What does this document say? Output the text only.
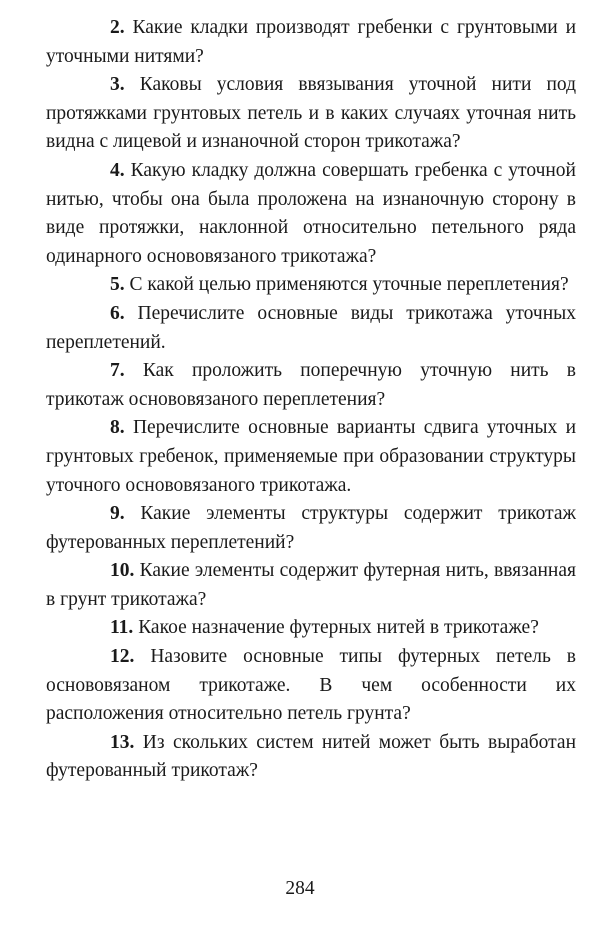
2. Какие кладки производят гребенки с грунтовыми и уточными нитями?

3. Каковы условия ввязывания уточной нити под протяжками грунтовых петель и в каких случаях уточная нить видна с лицевой и изнаночной сторон трикотажа?

4. Какую кладку должна совершать гребенка с уточной нитью, чтобы она была проложена на изнаночную сторону в виде протяжки, наклонной относительно петельного ряда одинарного основовязаного трикотажа?

5. С какой целью применяются уточные переплетения?

6. Перечислите основные виды трикотажа уточных переплетений.

7. Как проложить поперечную уточную нить в трикотаж основовязаного переплетения?

8. Перечислите основные варианты сдвига уточных и грунтовых гребенок, применяемые при образовании структуры уточного основовязаного трикотажа.

9. Какие элементы структуры содержит трикотаж футерованных переплетений?

10. Какие элементы содержит футерная нить, ввязанная в грунт трикотажа?

11. Какое назначение футерных нитей в трикотаже?

12. Назовите основные типы футерных петель в основовязаном трикотаже. В чем особенности их расположения относительно петель грунта?

13. Из скольких систем нитей может быть выработан футерованный трикотаж?

284
